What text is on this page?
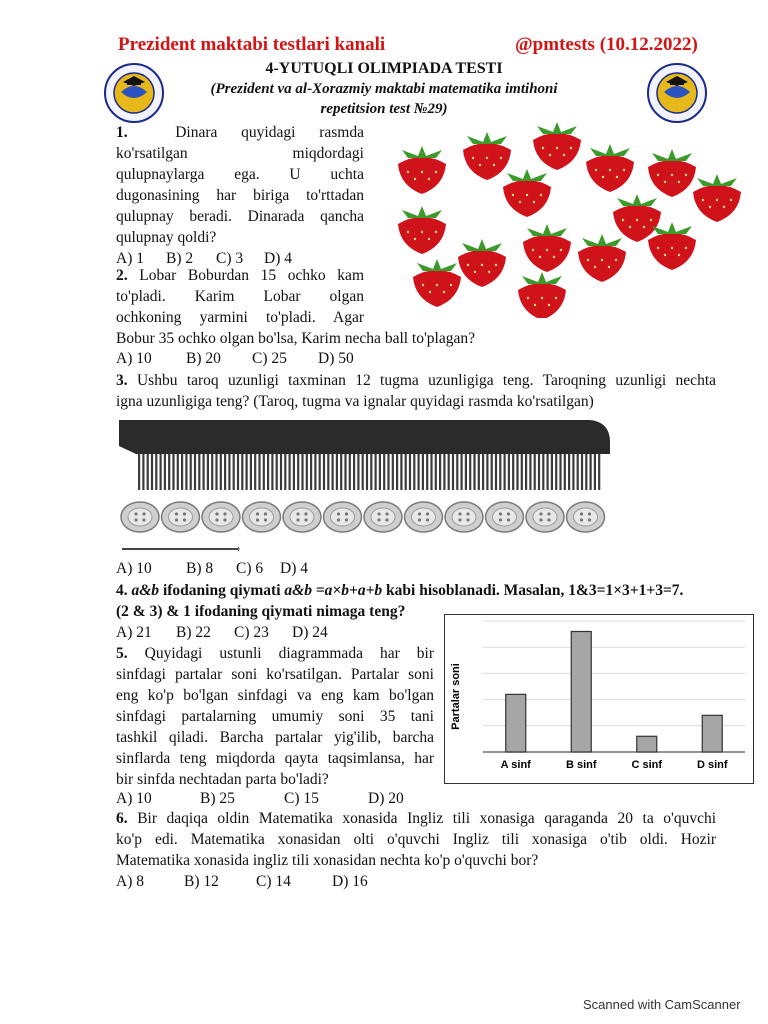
Prezident maktabi testlari kanali	@pmtests (10.12.2022)
4-YUTUQLI OLIMPIADA TESTI
(Prezident va al-Xorazmiy maktabi matematika imtihoni
repetitsion test №29)
1.	Dinara quyidagi rasmda
ko'rsatilgan miqdordagi
qulupnaylarga ega. U uchta
dugonasining har biriga to'rttadan
qulupnay beradi. Dinarada qancha
qulupnay qoldi?
A) 1 B) 2 C) 3 D) 4
2. Lobar Boburdan 15 ochko kam
to'pladi. Karim Lobar olgan
ochkoning yarmini to'pladi. Agar
Bobur 35 ochko olgan bo'lsa, Karim necha ball to'plagan?
A) 10 B) 20 C) 25 D) 50
3. Ushbu taroq uzunligi taxminan 12 tugma uzunligiga teng. Taroqning uzunligi nechta
igna uzunligiga teng? (Taroq, tugma va ignalar quyidagi rasmda ko'rsatilgan)
A) 10 B) 8 C) 6 D) 4
4. a&b ifodaning qiymati a&b =a×b+a+b kabi hisoblanadi. Masalan, 1&3=1×3+1+3=7.
(2 & 3) & 1 ifodaning qiymati nimaga teng?
A) 21 B) 22 C) 23 D) 24
5. Quyidagi ustunli diagrammada har bir
sinfdagi partalar soni ko'rsatilgan. Partalar soni
eng ko'p bo'lgan sinfdagi va eng kam bo'lgan
sinfdagi partalarning umumiy soni 35 tani
tashkil qiladi. Barcha partalar yig'ilib, barcha
sinflarda teng miqdorda qayta taqsimlansa, har
bir sinfda nechtadan parta bo'ladi?
A) 10	B) 25	C) 15	D) 20
A sinf	B sinf	C sinf	D sinf
Partalar soni
6. Bir daqiqa oldin Matematika xonasida Ingliz tili xonasiga qaraganda 20 ta o'quvchi
ko'p edi. Matematika xonasidan olti o'quvchi Ingliz tili xonasiga o'tib oldi. Hozir
Matematika xonasida ingliz tili xonasidan nechta ko'p o'quvchi bor?
A) 8	B) 12 C) 14	D) 16
Scanned with CamScanner
